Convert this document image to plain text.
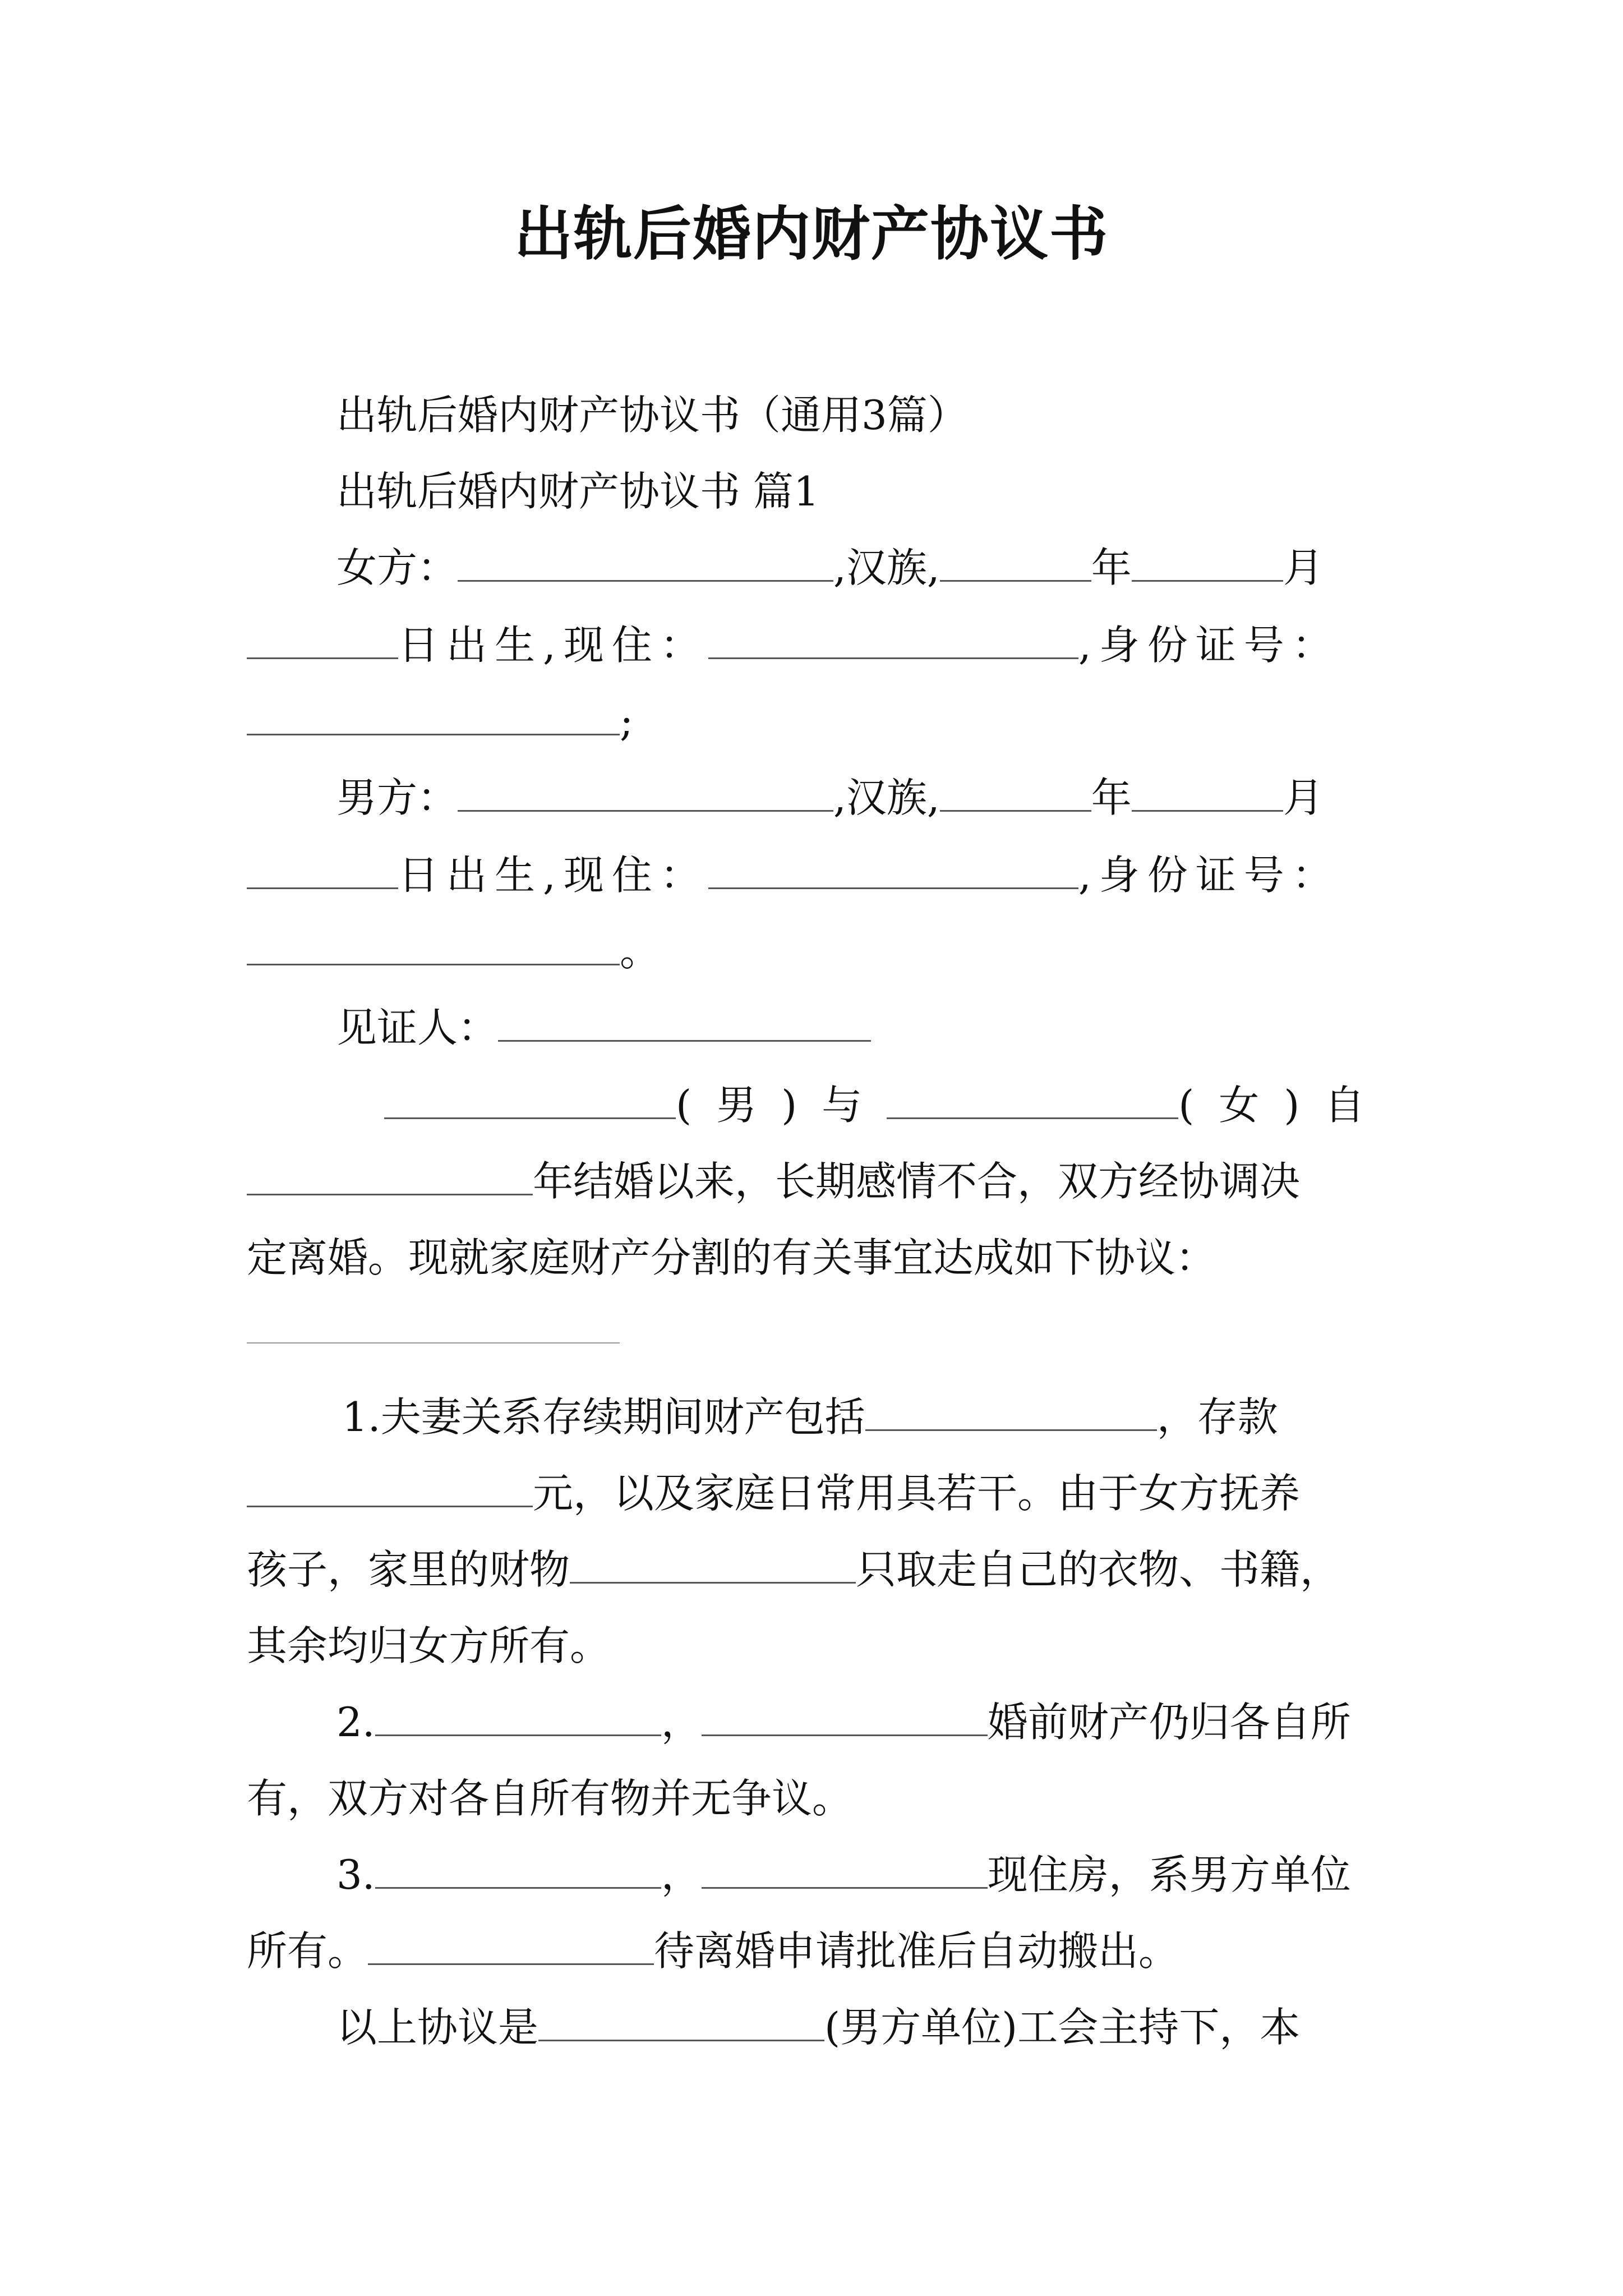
出轨后婚内财产协议书

出轨后婚内财产协议书（通用3篇）

出轨后婚内财产协议书 篇1

女方：	,汉族,	年	月

日出生,现住：	,身份证号：

;

男方：	,汉族,	年	月

日出生,现住：	,身份证号：

。

见证人：

(男)与	(女)自

年结婚以来，长期感情不合，双方经协调决

定离婚。现就家庭财产分割的有关事宜达成如下协议：

1.夫妻关系存续期间财产包括	，存款

元，以及家庭日常用具若干。由于女方抚养

孩子，家里的财物	只取走自己的衣物、书籍，

其余均归女方所有。

2.	，	婚前财产仍归各自所

有，双方对各自所有物并无争议。

3.	，	现住房，系男方单位

所有。	待离婚申请批准后自动搬出。

以上协议是	(男方单位)工会主持下，本
